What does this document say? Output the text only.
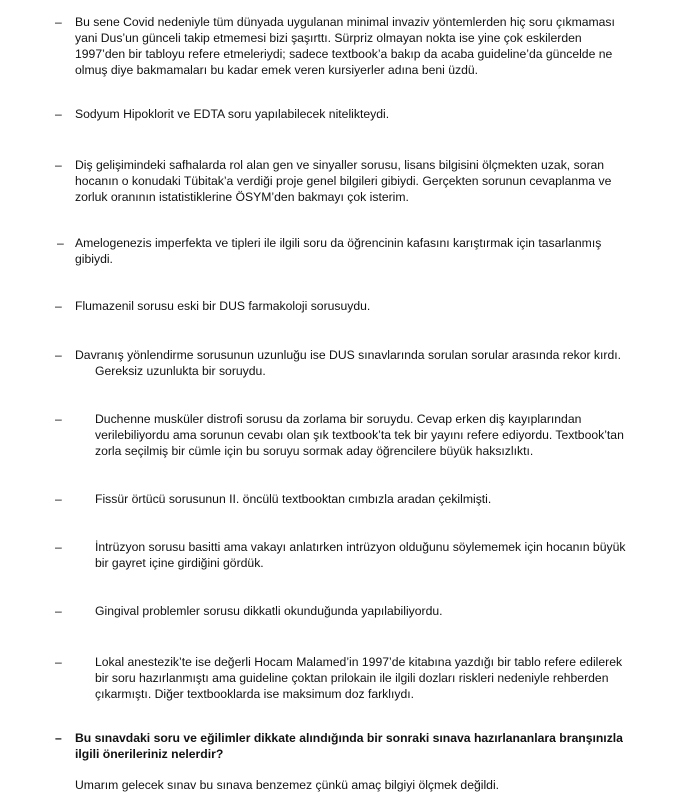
– Bu sene Covid nedeniyle tüm dünyada uygulanan minimal invaziv yöntemlerden hiç soru çıkmaması

yani Dus’un günceli takip etmemesi bizi şaşırttı. Sürpriz olmayan nokta ise yine çok eskilerden

1997’den bir tabloyu refere etmeleriydi; sadece textbook’a bakıp da acaba guideline’da güncelde ne

olmuş diye bakmamaları bu kadar emek veren kursiyerler adına beni üzdü.

– Sodyum Hipoklorit ve EDTA soru yapılabilecek nitelikteydi.

– Diş gelişimindeki safhalarda rol alan gen ve sinyaller sorusu, lisans bilgisini ölçmekten uzak, soran

hocanın o konudaki Tübitak’a verdiği proje genel bilgileri gibiydi. Gerçekten sorunun cevaplanma ve

zorluk oranının istatistiklerine ÖSYM’den bakmayı çok isterim.

– Amelogenezis imperfekta ve tipleri ile ilgili soru da öğrencinin kafasını karıştırmak için tasarlanmış

gibiydi.

– Flumazenil sorusu eski bir DUS farmakoloji sorusuydu.

– Davranış yönlendirme sorusunun uzunluğu ise DUS sınavlarında sorulan sorular arasında rekor kırdı.

Gereksiz uzunlukta bir soruydu.

–	Duchenne musküler distrofi sorusu da zorlama bir soruydu. Cevap erken diş kayıplarından

verilebiliyordu ama sorunun cevabı olan şık textbook’ta tek bir yayını refere ediyordu. Textbook’tan

zorla seçilmiş bir cümle için bu soruyu sormak aday öğrencilere büyük haksızlıktı.

–	Fissür örtücü sorusunun II. öncülü textbooktan cımbızla aradan çekilmişti.

–	İntrüzyon sorusu basitti ama vakayı anlatırken intrüzyon olduğunu söylememek için hocanın büyük

bir gayret içine girdiğini gördük.

–	Gingival problemler sorusu dikkatli okunduğunda yapılabiliyordu.

–	Lokal anestezik’te ise değerli Hocam Malamed’in 1997’de kitabına yazdığı bir tablo refere edilerek

bir soru hazırlanmıştı ama guideline çoktan prilokain ile ilgili dozları riskleri nedeniyle rehberden

çıkarmıştı. Diğer textbooklarda ise maksimum doz farklıydı.

– Bu sınavdaki soru ve eğilimler dikkate alındığında bir sonraki sınava hazırlananlara branşınızla

ilgili önerileriniz nelerdir?

Umarım gelecek sınav bu sınava benzemez çünkü amaç bilgiyi ölçmek değildi.
